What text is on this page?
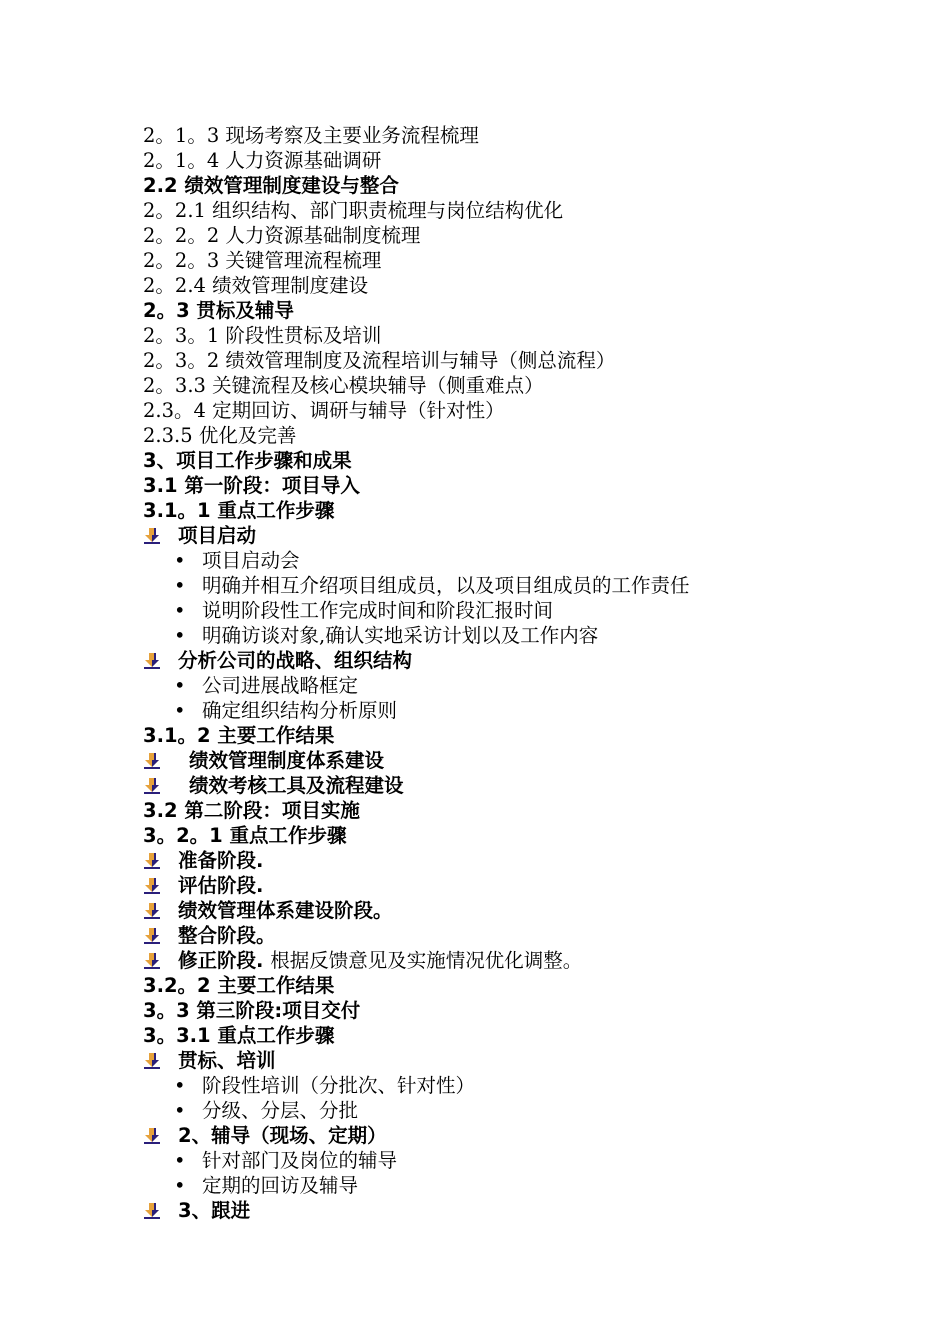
2。1。3 现场考察及主要业务流程梳理
2。1。4 人力资源基础调研
2.2 绩效管理制度建设与整合
2。2.1 组织结构、部门职责梳理与岗位结构优化
2。2。2 人力资源基础制度梳理
2。2。3 关键管理流程梳理
2。2.4 绩效管理制度建设
2。3 贯标及辅导
2。3。1 阶段性贯标及培训
2。3。2 绩效管理制度及流程培训与辅导（侧总流程）
2。3.3 关键流程及核心模块辅导（侧重难点）
2.3。4 定期回访、调研与辅导（针对性）
2.3.5 优化及完善
3、项目工作步骤和成果
3.1 第一阶段：项目导入
3.1。1 重点工作步骤
项目启动
• 项目启动会
• 明确并相互介绍项目组成员，以及项目组成员的工作责任
• 说明阶段性工作完成时间和阶段汇报时间
• 明确访谈对象,确认实地采访计划以及工作内容
分析公司的战略、组织结构
• 公司进展战略框定
• 确定组织结构分析原则
3.1。2 主要工作结果
绩效管理制度体系建设
绩效考核工具及流程建设
3.2 第二阶段：项目实施
3。2。1 重点工作步骤
准备阶段.
评估阶段.
绩效管理体系建设阶段。
整合阶段。
修正阶段. 根据反馈意见及实施情况优化调整。
3.2。2 主要工作结果
3。3 第三阶段:项目交付
3。3.1 重点工作步骤
贯标、培训
• 阶段性培训（分批次、针对性）
• 分级、分层、分批
2、辅导（现场、定期）
• 针对部门及岗位的辅导
• 定期的回访及辅导
3、跟进
